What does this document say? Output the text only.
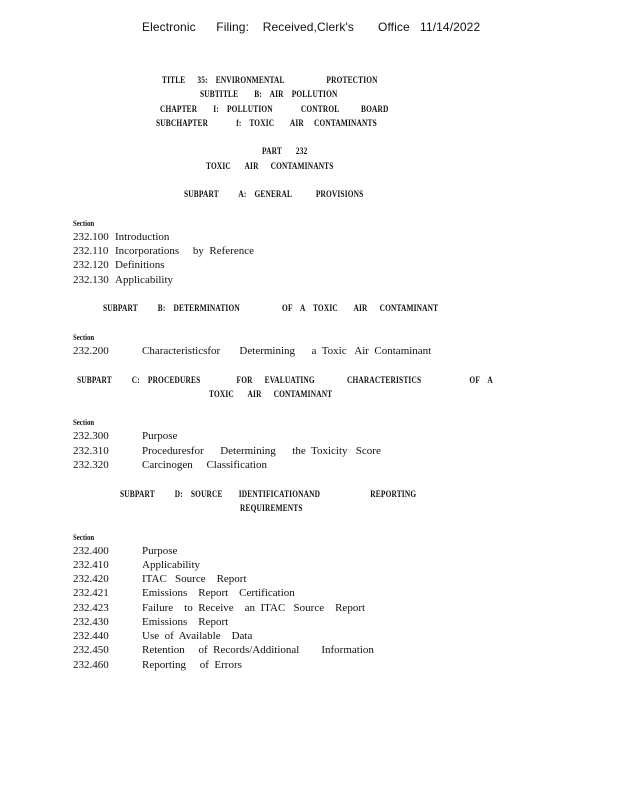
Electronic      Filing:    Received,Clerk's       Office   11/14/2022
TITLE      35:    ENVIRONMENTAL                     PROTECTION
SUBTITLE        B:    AIR    POLLUTION
CHAPTER        I:    POLLUTION              CONTROL           BOARD
SUBCHAPTER              f:    TOXIC        AIR     CONTAMINANTS
PART       232
TOXIC       AIR      CONTAMINANTS
SUBPART          A:    GENERAL            PROVISIONS
Section
232.100 Introduction
232.110 Incorporations     by  Reference
232.120 Definitions
232.130 Applicability
SUBPART          B:    DETERMINATION                     OF    A    TOXIC        AIR      CONTAMINANT
Section
232.200	Characteristicsfor       Determining      a  Toxic   Air  Contaminant
SUBPART          C:    PROCEDURES                  FOR      EVALUATING                CHARACTERISTICS                        OF    A
TOXIC       AIR      CONTAMINANT
Section
232.300	Purpose
232.310	Proceduresfor      Determining      the  Toxicity   Score
232.320	Carcinogen     Classification
SUBPART          D:    SOURCE        IDENTIFICATIONAND                         REPORTING
REQUIREMENTS
Section
232.400	Purpose
232.410	Applicability
232.420	ITAC   Source    Report
232.421	Emissions    Report    Certification
232.423	Failure    to  Receive    an  ITAC   Source    Report
232.430	Emissions    Report
232.440	Use  of  Available    Data
232.450	Retention     of  Records/Additional        Information
232.460	Reporting     of  Errors
